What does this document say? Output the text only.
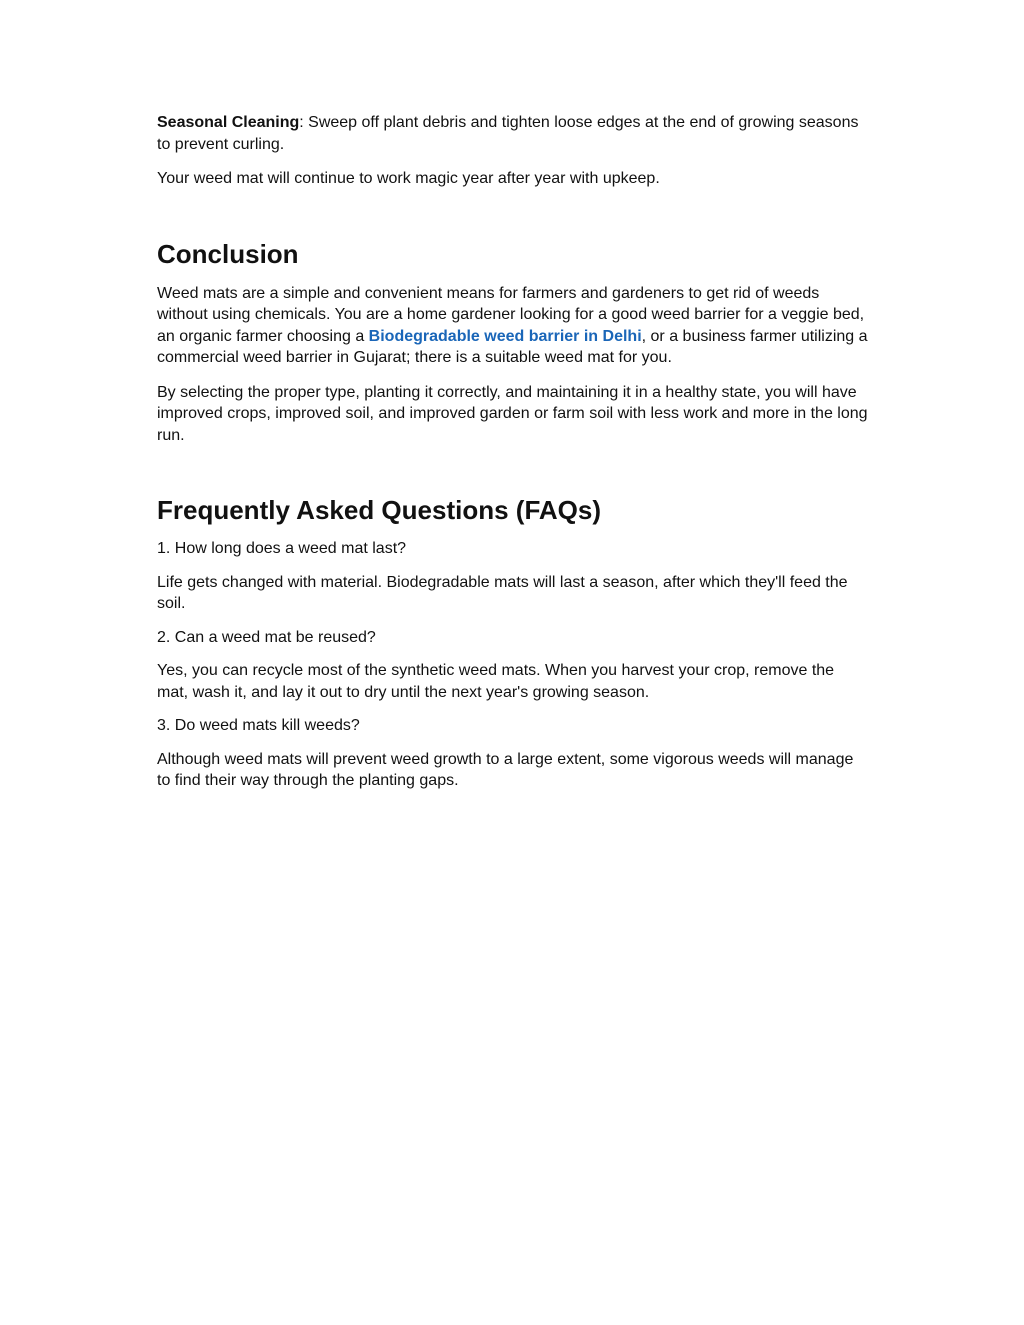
Seasonal Cleaning: Sweep off plant debris and tighten loose edges at the end of growing seasons to prevent curling.

Your weed mat will continue to work magic year after year with upkeep.

Conclusion

Weed mats are a simple and convenient means for farmers and gardeners to get rid of weeds without using chemicals. You are a home gardener looking for a good weed barrier for a veggie bed, an organic farmer choosing a Biodegradable weed barrier in Delhi, or a business farmer utilizing a commercial weed barrier in Gujarat; there is a suitable weed mat for you.

By selecting the proper type, planting it correctly, and maintaining it in a healthy state, you will have improved crops, improved soil, and improved garden or farm soil with less work and more in the long run.

Frequently Asked Questions (FAQs)

1. How long does a weed mat last?

Life gets changed with material. Biodegradable mats will last a season, after which they'll feed the soil.

2. Can a weed mat be reused?

Yes, you can recycle most of the synthetic weed mats. When you harvest your crop, remove the mat, wash it, and lay it out to dry until the next year's growing season.

3. Do weed mats kill weeds?

Although weed mats will prevent weed growth to a large extent, some vigorous weeds will manage to find their way through the planting gaps.
